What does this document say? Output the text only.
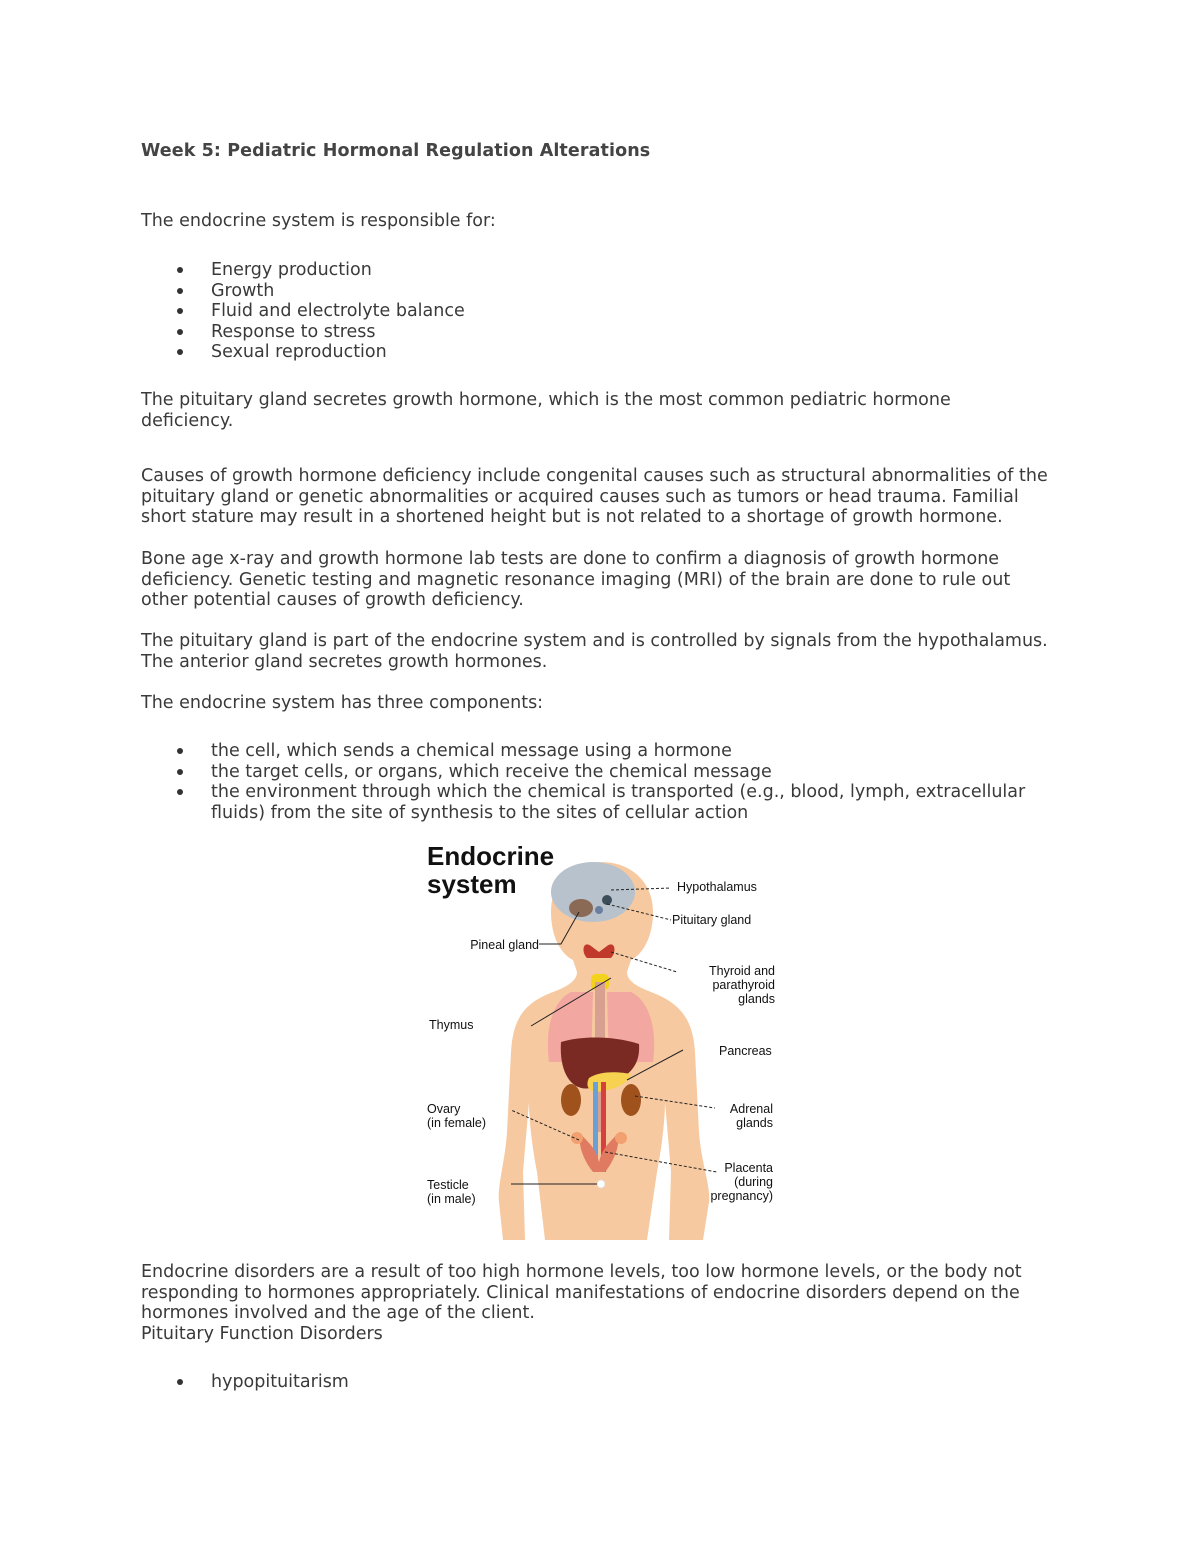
Week 5: Pediatric Hormonal Regulation Alterations

The endocrine system is responsible for:

Energy production
Growth
Fluid and electrolyte balance
Response to stress
Sexual reproduction

The pituitary gland secretes growth hormone, which is the most common pediatric hormone deficiency.

Causes of growth hormone deficiency include congenital causes such as structural abnormalities of the pituitary gland or genetic abnormalities or acquired causes such as tumors or head trauma. Familial short stature may result in a shortened height but is not related to a shortage of growth hormone.

Bone age x-ray and growth hormone lab tests are done to confirm a diagnosis of growth hormone deficiency. Genetic testing and magnetic resonance imaging (MRI) of the brain are done to rule out other potential causes of growth deficiency.

The pituitary gland is part of the endocrine system and is controlled by signals from the hypothalamus. The anterior gland secretes growth hormones.

The endocrine system has three components:

the cell, which sends a chemical message using a hormone
the target cells, or organs, which receive the chemical message
the environment through which the chemical is transported (e.g., blood, lymph, extracellular fluids) from the site of synthesis to the sites of cellular action
Endocrine
system	Hypothalamus
Pituitary gland
Pineal gland
Thyroid and
parathyroid
glands
Thymus
Pancreas
Ovary
(in female)
Adrenal
glands
Placenta
(during
pregnancy)
Testicle
(in male)

Endocrine disorders are a result of too high hormone levels, too low hormone levels, or the body not responding to hormones appropriately. Clinical manifestations of endocrine disorders depend on the hormones involved and the age of the client.

Pituitary Function Disorders

hypopituitarism
